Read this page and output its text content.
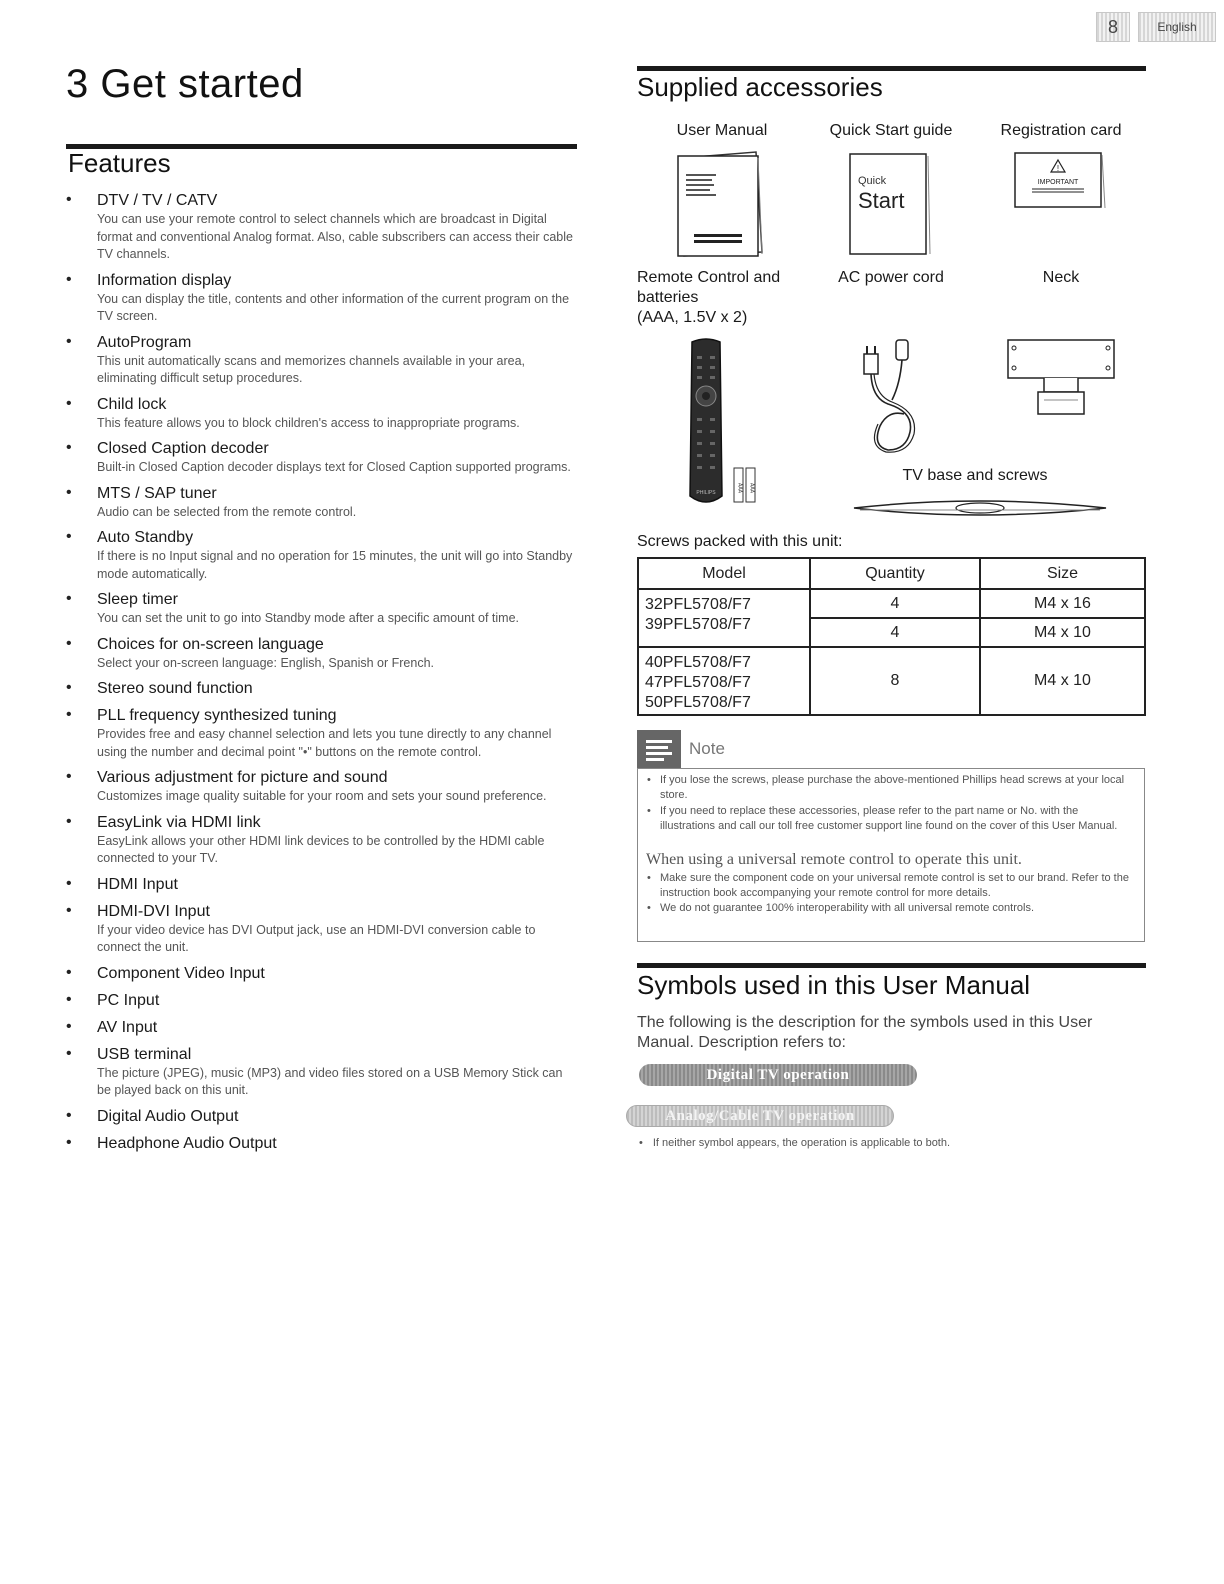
8	English
3 Get started
Features
• DTV / TV / CATV
You can use your remote control to select channels which are broadcast in Digital format and conventional Analog format. Also, cable subscribers can access their cable TV channels.
• Information display
You can display the title, contents and other information of the current program on the TV screen.
• AutoProgram
This unit automatically scans and memorizes channels available in your area, eliminating difficult setup procedures.
• Child lock
This feature allows you to block children's access to inappropriate programs.
• Closed Caption decoder
Built-in Closed Caption decoder displays text for Closed Caption supported programs.
• MTS / SAP tuner
Audio can be selected from the remote control.
• Auto Standby
If there is no Input signal and no operation for 15 minutes, the unit will go into Standby mode automatically.
• Sleep timer
You can set the unit to go into Standby mode after a specific amount of time.
• Choices for on-screen language
Select your on-screen language: English, Spanish or French.
• Stereo sound function
• PLL frequency synthesized tuning
Provides free and easy channel selection and lets you tune directly to any channel using the number and decimal point "•" buttons on the remote control.
• Various adjustment for picture and sound
Customizes image quality suitable for your room and sets your sound preference.
• EasyLink via HDMI link
EasyLink allows your other HDMI link devices to be controlled by the HDMI cable connected to your TV.
• HDMI Input
• HDMI-DVI Input
If your video device has DVI Output jack, use an HDMI-DVI conversion cable to connect the unit.
• Component Video Input
• PC Input
• AV Input
• USB terminal
The picture (JPEG), music (MP3) and video files stored on a USB Memory Stick can be played back on this unit.
• Digital Audio Output
• Headphone Audio Output
Supplied accessories
User Manual	Quick Start guide	Registration card
Quick
Start
!
IMPORTANT
Remote Control and
batteries
(AAA, 1.5V x 2)
AC power cord	Neck
PHILIPS	AAA AAA
TV base and screws
Screws packed with this unit:
Model	Quantity	Size

32PFL5708/F7
39PFL5708/F7	4	M4 x 16
	4	M4 x 10

40PFL5708/F7
47PFL5708/F7
50PFL5708/F7	8	M4 x 10
Note
• If you lose the screws, please purchase the above-mentioned Phillips head screws at your local store.
• If you need to replace these accessories, please refer to the part name or No. with the illustrations and call our toll free customer support line found on the cover of this User Manual.
When using a universal remote control to operate this unit.
• Make sure the component code on your universal remote control is set to our brand. Refer to the instruction book accompanying your remote control for more details.
• We do not guarantee 100% interoperability with all universal remote controls.
Symbols used in this User Manual
The following is the description for the symbols used in this User Manual. Description refers to:
Digital TV operation
Analog/Cable TV operation
• If neither symbol appears, the operation is applicable to both.
